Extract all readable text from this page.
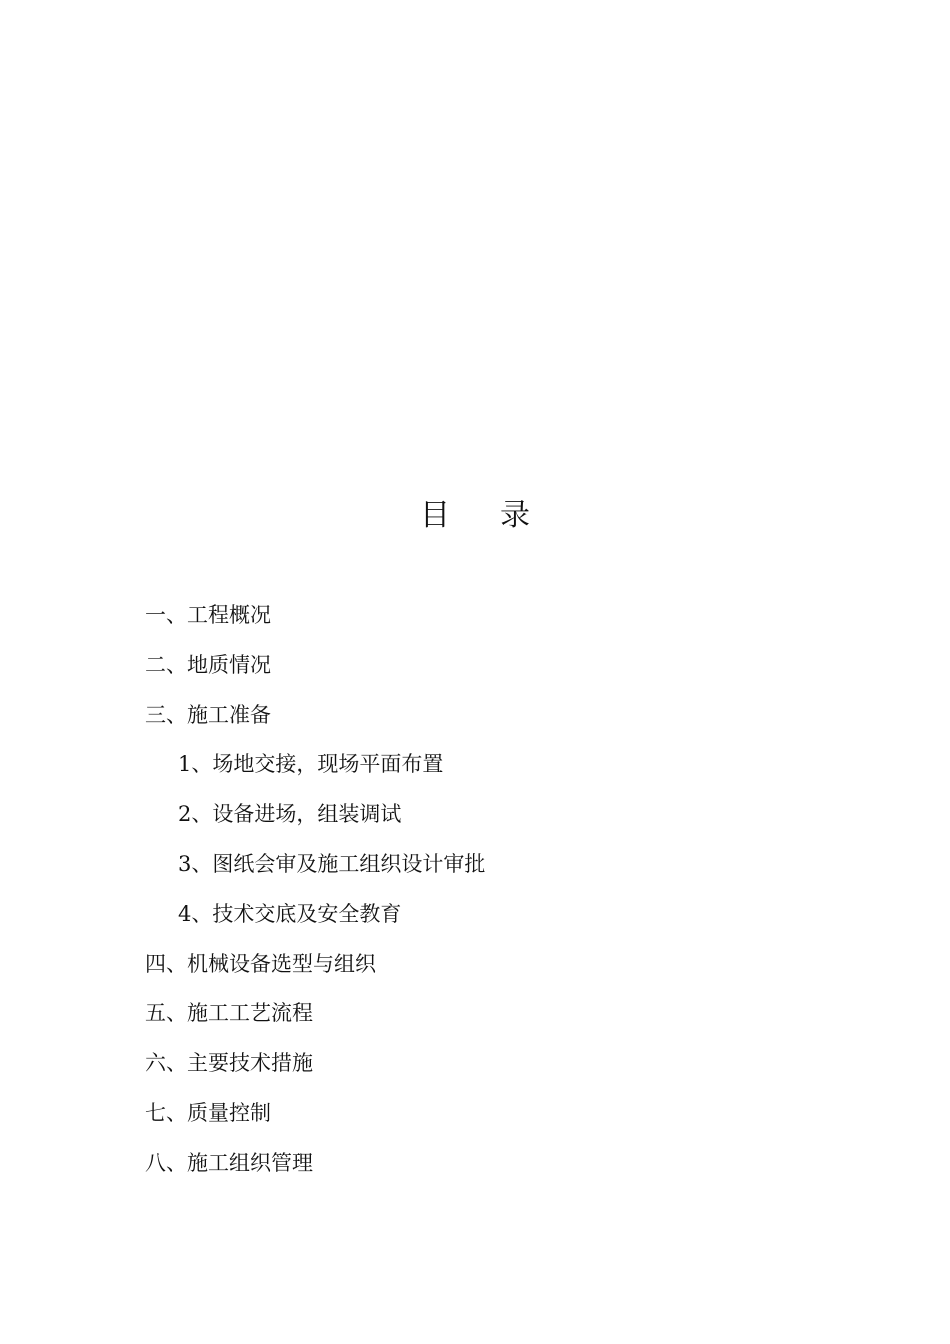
目 录
一、工程概况
二、地质情况
三、施工准备
1、场地交接，现场平面布置
2、设备进场，组装调试
3、图纸会审及施工组织设计审批
4、技术交底及安全教育
四、机械设备选型与组织
五、施工工艺流程
六、主要技术措施
七、质量控制
八、施工组织管理
